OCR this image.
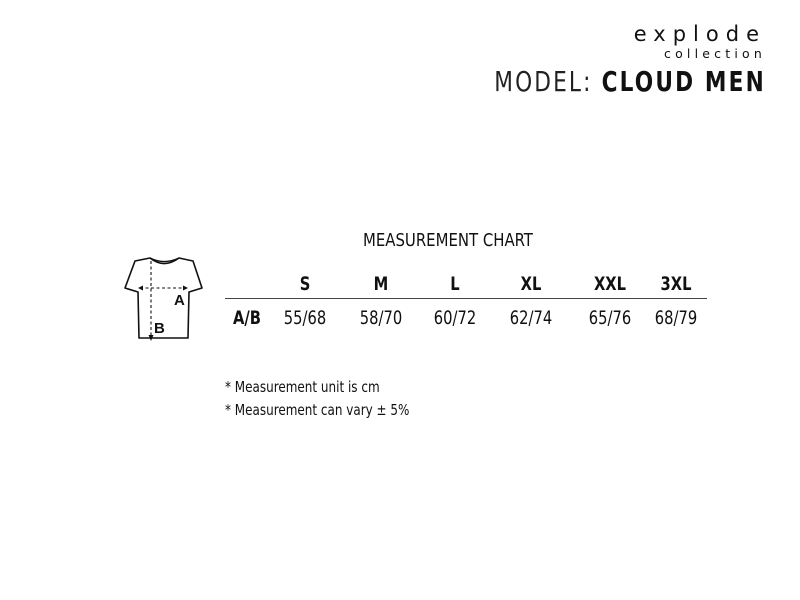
explode
collection
MODEL: CLOUD MEN
MEASUREMENT CHART
A
B
S	M	L	XL	XXL	3XL
A/B	55/68 58/70 60/72 62/74 65/76 68/79
* Measurement unit is cm
* Measurement can vary ± 5%
